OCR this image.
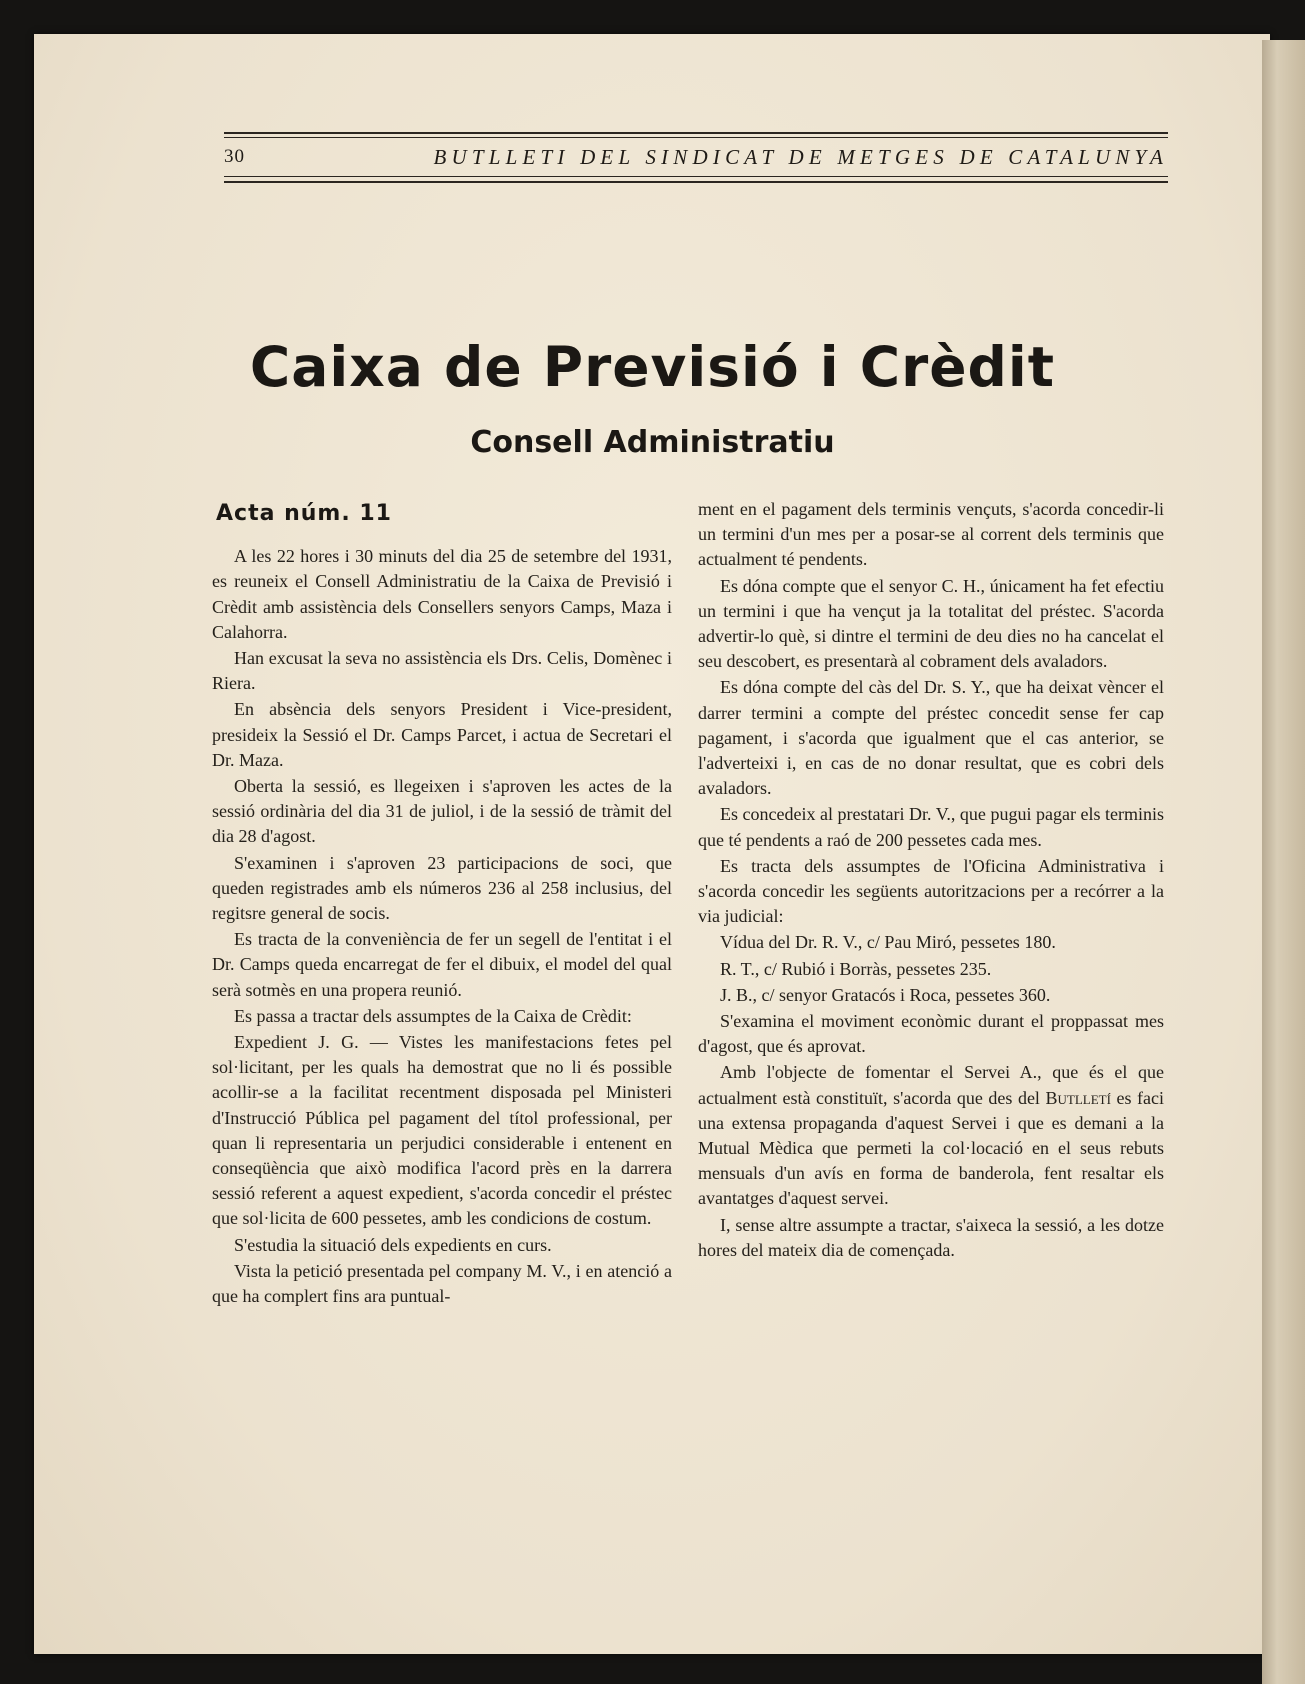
30	BUTLLETI DEL SINDICAT DE METGES DE CATALUNYA
Caixa de Previsió i Crèdit
Consell Administratiu
Acta núm. 11

A les 22 hores i 30 minuts del dia 25 de setembre del 1931, es reuneix el Consell Administratiu de la Caixa de Previsió i Crèdit amb assistència dels Consellers senyors Camps, Maza i Calahorra.

Han excusat la seva no assistència els Drs. Celis, Domènec i Riera.

En absència dels senyors President i Vice-president, presideix la Sessió el Dr. Camps Parcet, i actua de Secretari el Dr. Maza.

Oberta la sessió, es llegeixen i s'aproven les actes de la sessió ordinària del dia 31 de juliol, i de la sessió de tràmit del dia 28 d'agost.

S'examinen i s'aproven 23 participacions de soci, que queden registrades amb els números 236 al 258 inclusius, del regitsre general de socis.

Es tracta de la conveniència de fer un segell de l'entitat i el Dr. Camps queda encarregat de fer el dibuix, el model del qual serà sotmès en una propera reunió.

Es passa a tractar dels assumptes de la Caixa de Crèdit:

Expedient J. G. — Vistes les manifestacions fetes pel sol·licitant, per les quals ha demostrat que no li és possible acollir-se a la facilitat recentment disposada pel Ministeri d'Instrucció Pública pel pagament del títol professional, per quan li representaria un perjudici considerable i entenent en conseqüència que això modifica l'acord près en la darrera sessió referent a aquest expedient, s'acorda concedir el préstec que sol·licita de 600 pessetes, amb les condicions de costum.

S'estudia la situació dels expedients en curs.

Vista la petició presentada pel company M. V., i en atenció a que ha complert fins ara puntual-

ment en el pagament dels terminis vençuts, s'acorda concedir-li un termini d'un mes per a posar-se al corrent dels terminis que actualment té pendents.

Es dóna compte que el senyor C. H., únicament ha fet efectiu un termini i que ha vençut ja la totalitat del préstec. S'acorda advertir-lo què, si dintre el termini de deu dies no ha cancelat el seu descobert, es presentarà al cobrament dels avaladors.

Es dóna compte del càs del Dr. S. Y., que ha deixat vèncer el darrer termini a compte del préstec concedit sense fer cap pagament, i s'acorda que igualment que el cas anterior, se l'adverteixi i, en cas de no donar resultat, que es cobri dels avaladors.

Es concedeix al prestatari Dr. V., que pugui pagar els terminis que té pendents a raó de 200 pessetes cada mes.

Es tracta dels assumptes de l'Oficina Administrativa i s'acorda concedir les següents autoritzacions per a recórrer a la via judicial:

Vídua del Dr. R. V., c/ Pau Miró, pessetes 180.

R. T., c/ Rubió i Borràs, pessetes 235.

J. B., c/ senyor Gratacós i Roca, pessetes 360.

S'examina el moviment econòmic durant el proppassat mes d'agost, que és aprovat.

Amb l'objecte de fomentar el Servei A., que és el que actualment està constituït, s'acorda que des del Butlletí es faci una extensa propaganda d'aquest Servei i que es demani a la Mutual Mèdica que permeti la col·locació en el seus rebuts mensuals d'un avís en forma de banderola, fent resaltar els avantatges d'aquest servei.

I, sense altre assumpte a tractar, s'aixeca la sessió, a les dotze hores del mateix dia de començada.
